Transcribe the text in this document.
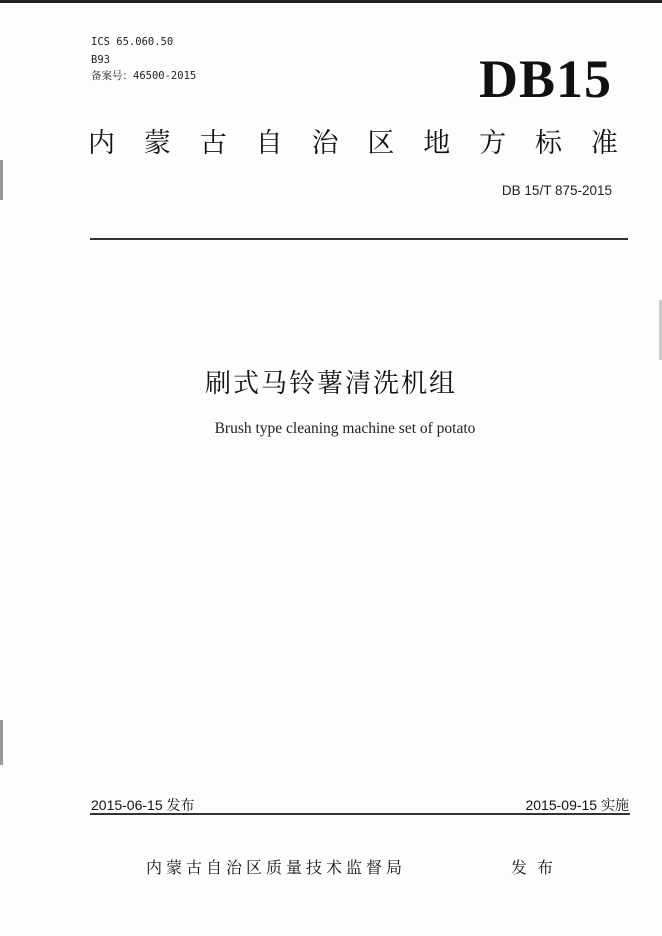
ICS 65.060.50
B93
备案号：46500-2015	DB15
内 蒙 古 自 治 区 地 方 标 准
DB 15/T 875-2015
刷式马铃薯清洗机组
Brush type cleaning machine set of potato
2015-06-15 发布	2015-09-15 实施
内蒙古自治区质量技术监督局	发布
